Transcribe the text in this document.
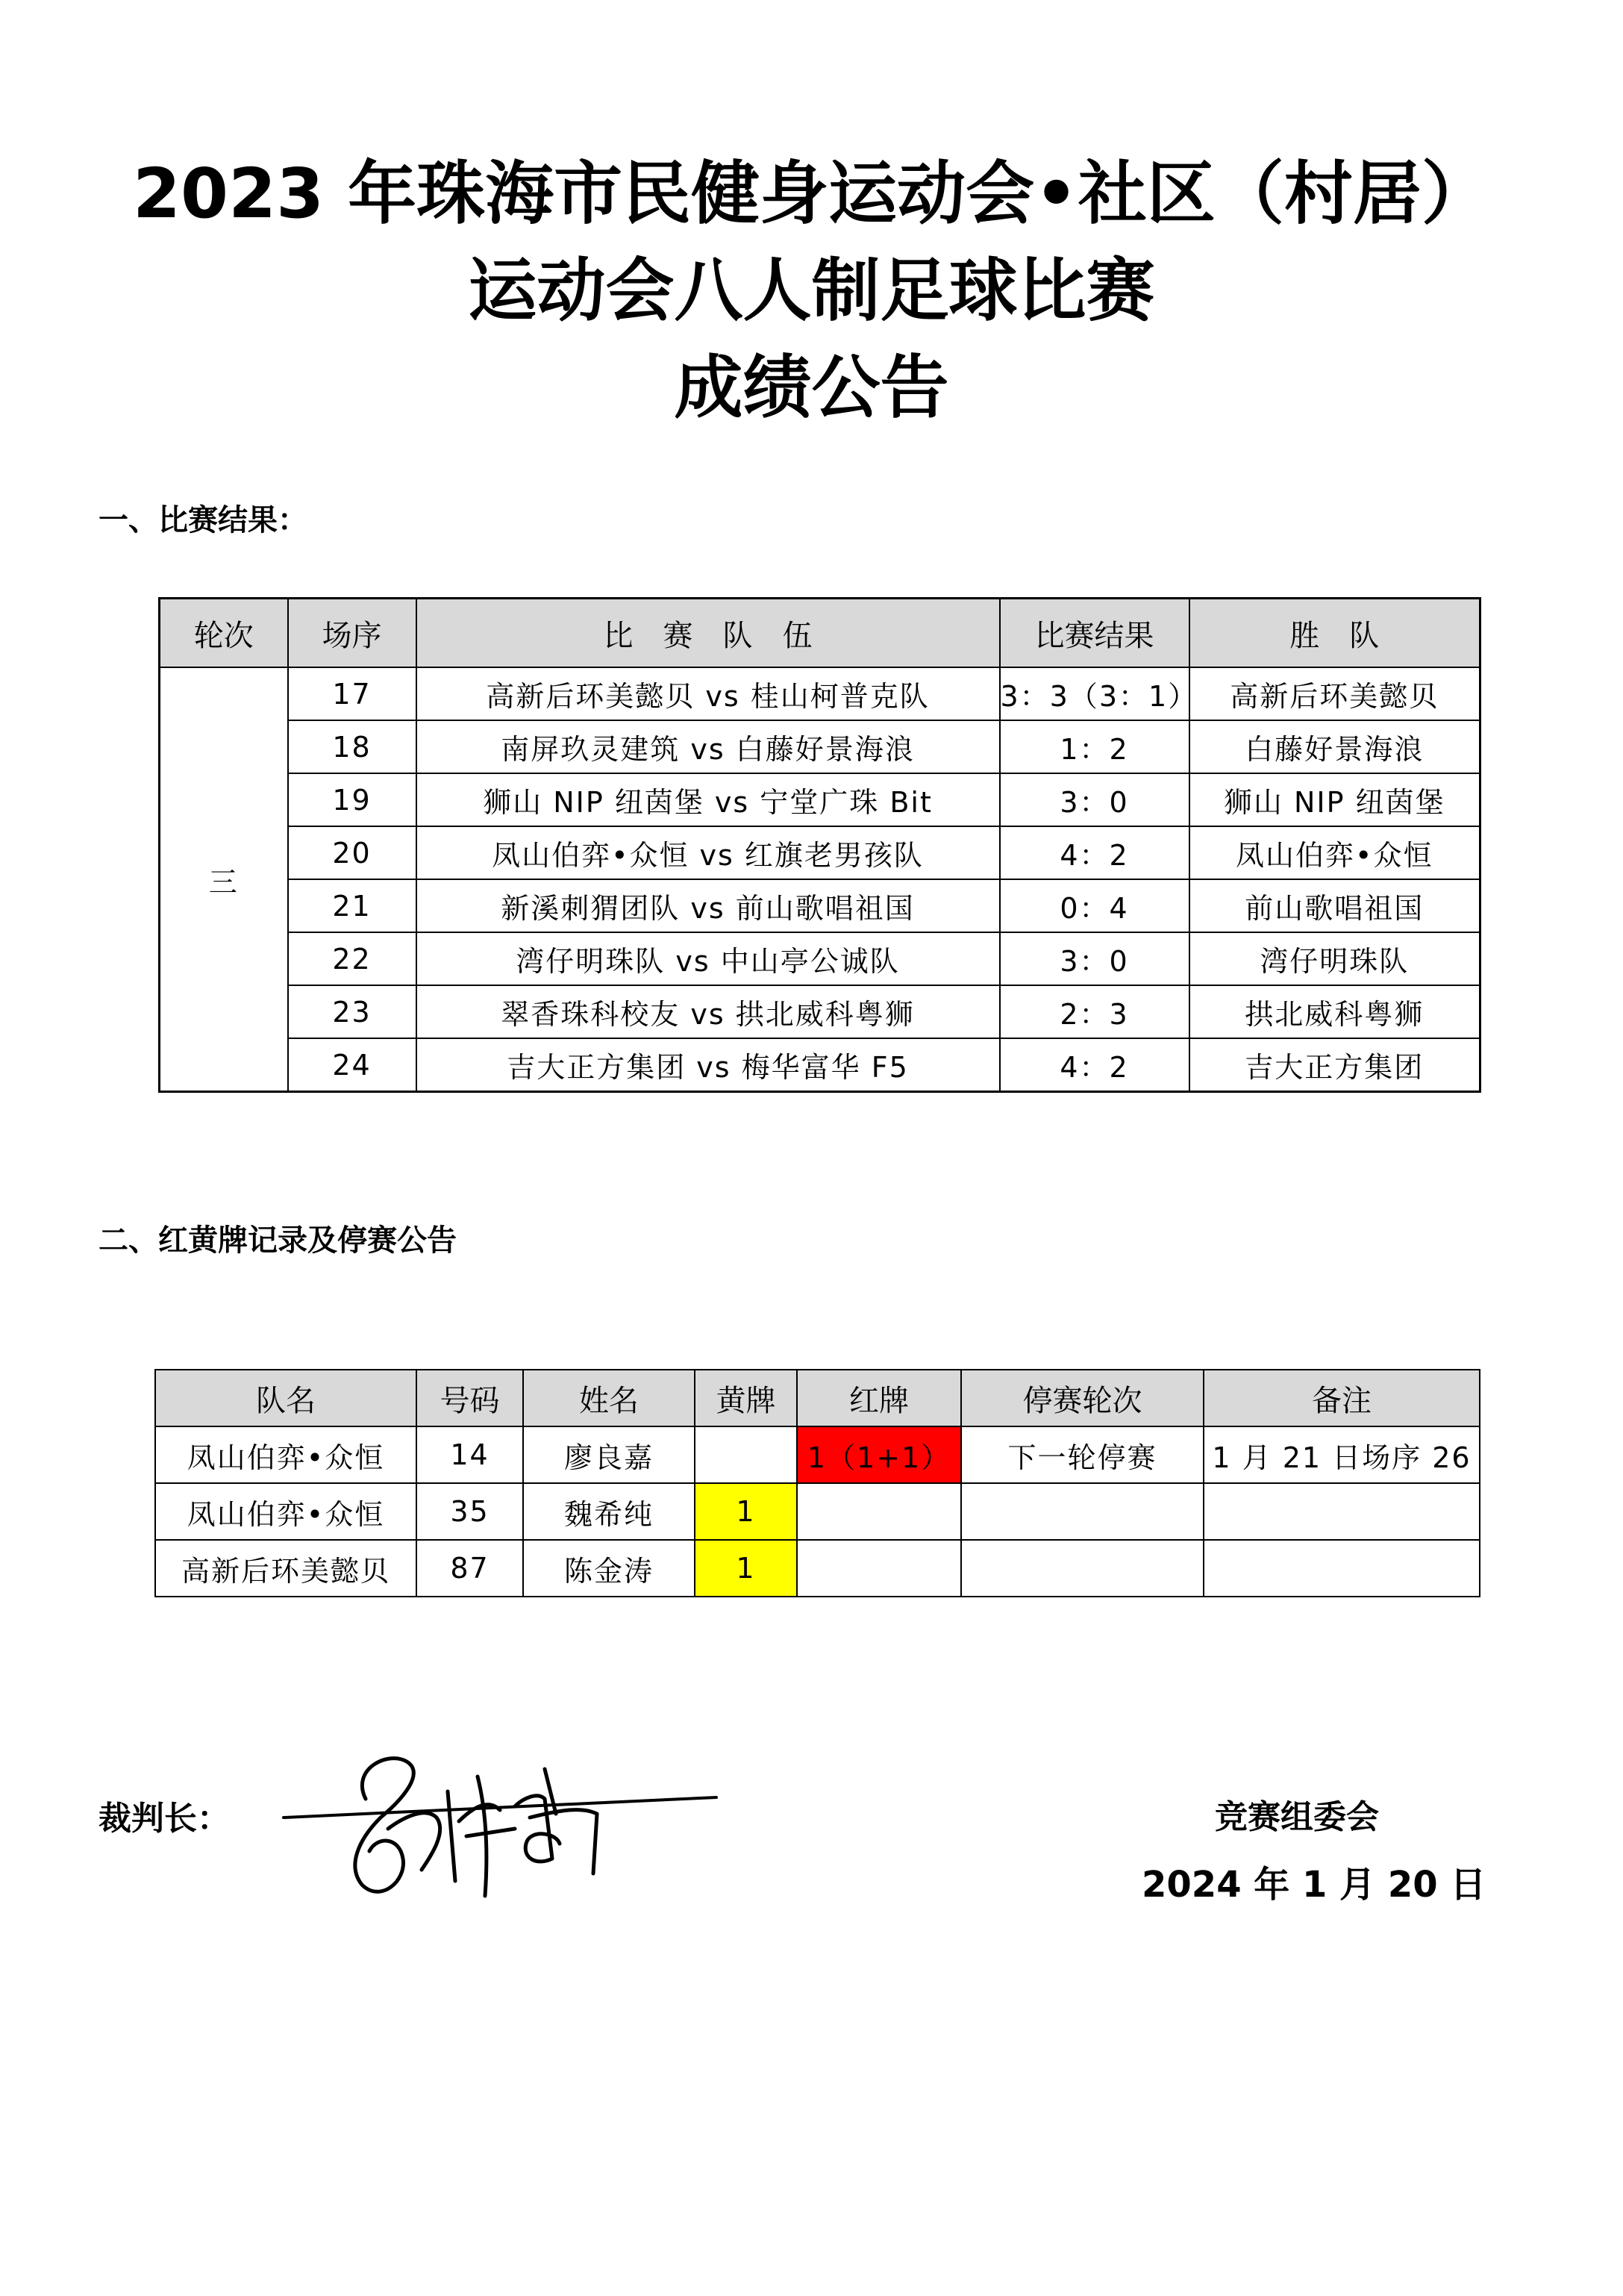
2023 年珠海市民健身运动会•社区（村居）
运动会八人制足球比赛
成绩公告
一、比赛结果：
轮次	场序	比　赛　队　伍	比赛结果	胜　队
三	17	高新后环美懿贝 vs 桂山柯普克队	3：3（3：1）	高新后环美懿贝
	18	南屏玖灵建筑 vs 白藤好景海浪	1：2	白藤好景海浪
	19	狮山 NIP 纽茵堡 vs 宁堂广珠 Bit	3：0	狮山 NIP 纽茵堡
	20	凤山伯弈•众恒 vs 红旗老男孩队	4：2	凤山伯弈•众恒
	21	新溪刺猬团队 vs 前山歌唱祖国	0：4	前山歌唱祖国
	22	湾仔明珠队 vs 中山亭公诚队	3：0	湾仔明珠队
	23	翠香珠科校友 vs 拱北威科粤狮	2：3	拱北威科粤狮
	24	吉大正方集团 vs 梅华富华 F5	4：2	吉大正方集团
二、红黄牌记录及停赛公告
队名	号码	姓名	黄牌	红牌	停赛轮次	备注
凤山伯弈•众恒	14	廖良嘉		1（1+1）	下一轮停赛	1 月 21 日场序 26
凤山伯弈•众恒	35	魏希纯	1			
高新后环美懿贝	87	陈金涛	1			
裁判长：	竞赛组委会
2024 年 1 月 20 日
